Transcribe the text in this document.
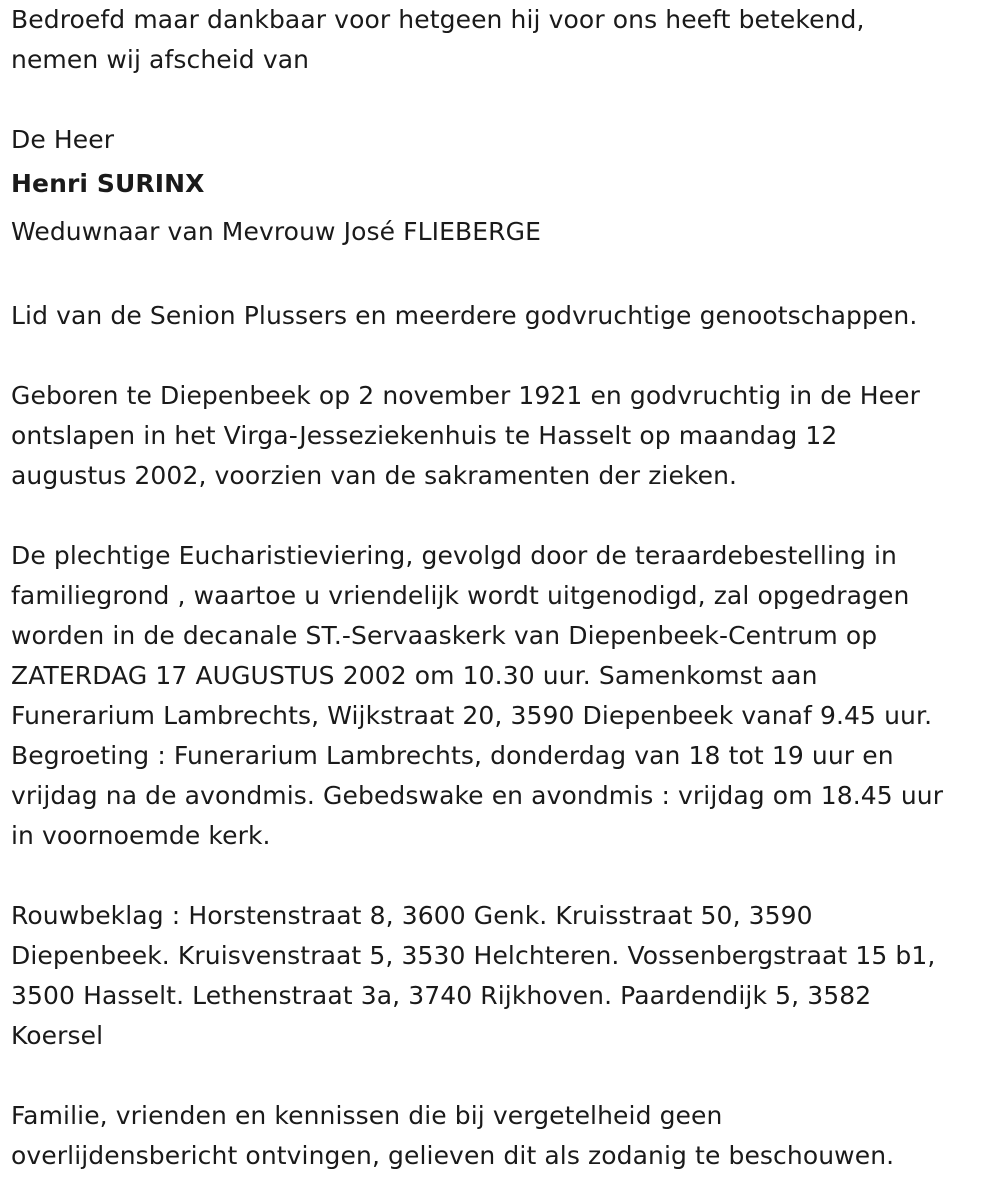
Bedroefd maar dankbaar voor hetgeen hij voor ons heeft betekend,
nemen wij afscheid van
De Heer
Henri SURINX
Weduwnaar van Mevrouw José FLIEBERGE
Lid van de Senion Plussers en meerdere godvruchtige genootschappen.
Geboren te Diepenbeek op 2 november 1921 en godvruchtig in de Heer
ontslapen in het Virga-Jesseziekenhuis te Hasselt op maandag 12
augustus 2002, voorzien van de sakramenten der zieken.
De plechtige Eucharistieviering, gevolgd door de teraardebestelling in
familiegrond , waartoe u vriendelijk wordt uitgenodigd, zal opgedragen
worden in de decanale ST.-Servaaskerk van Diepenbeek-Centrum op
ZATERDAG 17 AUGUSTUS 2002 om 10.30 uur. Samenkomst aan
Funerarium Lambrechts, Wijkstraat 20, 3590 Diepenbeek vanaf 9.45 uur.
Begroeting : Funerarium Lambrechts, donderdag van 18 tot 19 uur en
vrijdag na de avondmis. Gebedswake en avondmis : vrijdag om 18.45 uur
in voornoemde kerk.
Rouwbeklag : Horstenstraat 8, 3600 Genk. Kruisstraat 50, 3590
Diepenbeek. Kruisvenstraat 5, 3530 Helchteren. Vossenbergstraat 15 b1,
3500 Hasselt. Lethenstraat 3a, 3740 Rijkhoven. Paardendijk 5, 3582
Koersel
Familie, vrienden en kennissen die bij vergetelheid geen
overlijdensbericht ontvingen, gelieven dit als zodanig te beschouwen.
